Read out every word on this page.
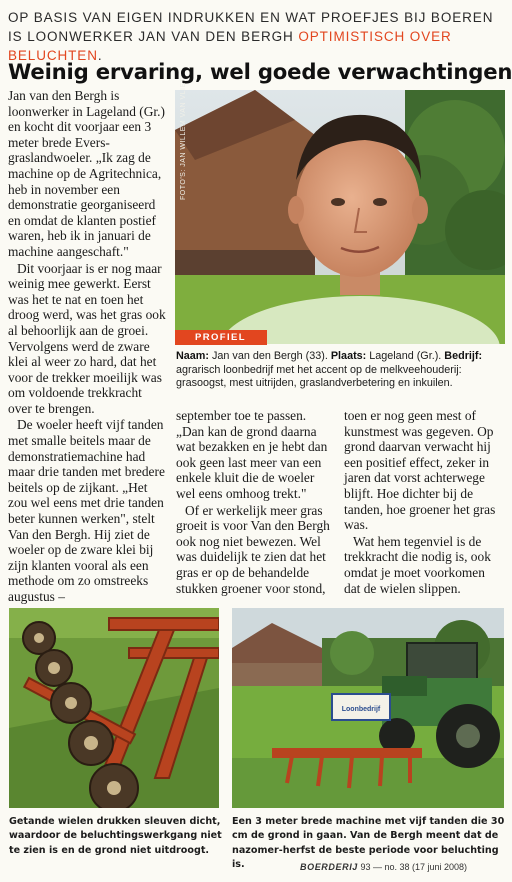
OP BASIS VAN EIGEN INDRUKKEN EN WAT PROEFJES BIJ BOEREN IS LOONWERKER JAN VAN DEN BERGH OPTIMISTISCH OVER BELUCHTEN.
Weinig ervaring, wel goede verwachtingen

Jan van den Bergh is loonwerker in Lageland (Gr.) en kocht dit voorjaar een 3 meter brede Evers-graslandwoeler. „Ik zag de machine op de Agritechnica, heb in november een demonstratie georganiseerd en omdat de klanten postief waren, heb ik in januari de machine aangeschaft."

Dit voorjaar is er nog maar weinig mee gewerkt. Eerst was het te nat en toen het droog werd, was het gras ook al behoorlijk aan de groei. Vervolgens werd de zware klei al weer zo hard, dat het voor de trekker moeilijk was om voldoende trekkracht over te brengen.

De woeler heeft vijf tanden met smalle beitels maar de demonstratiemachine had maar drie tanden met bredere beitels op de zijkant. „Het zou wel eens met drie tanden beter kunnen werken", stelt Van den Bergh. Hij ziet de woeler op de zware klei bij zijn klanten vooral als een methode om zo omstreeks augustus –

FOTO'S: JAN WILLEM VAN VLIET
PROFIEL
Naam: Jan van den Bergh (33). Plaats: Lageland (Gr.). Bedrijf: agrarisch loonbedrijf met het accent op de melkveehouderij: grasoogst, mest uitrijden, graslandverbetering en inkuilen.

september toe te passen. „Dan kan de grond daarna wat bezakken en je hebt dan ook geen last meer van een enkele kluit die de woeler wel eens omhoog trekt."

Of er werkelijk meer gras groeit is voor Van den Bergh ook nog niet bewezen. Wel was duidelijk te zien dat het gras er op de behandelde stukken groener voor stond,

toen er nog geen mest of kunstmest was gegeven. Op grond daarvan verwacht hij een positief effect, zeker in jaren dat vorst achterwege blijft. Hoe dichter bij de tanden, hoe groener het gras was.

Wat hem tegenviel is de trekkracht die nodig is, ook omdat je moet voorkomen dat de wielen slippen.

Loonbedrijf

Getande wielen drukken sleuven dicht, waardoor de beluchtingswerkgang niet te zien is en de grond niet uitdroogt.

Een 3 meter brede machine met vijf tanden die 30 cm de grond in gaan. Van de Bergh meent dat de nazomer-herfst de beste periode voor beluchting is.	BOERDERIJ 93 — no. 38 (17 juni 2008)
